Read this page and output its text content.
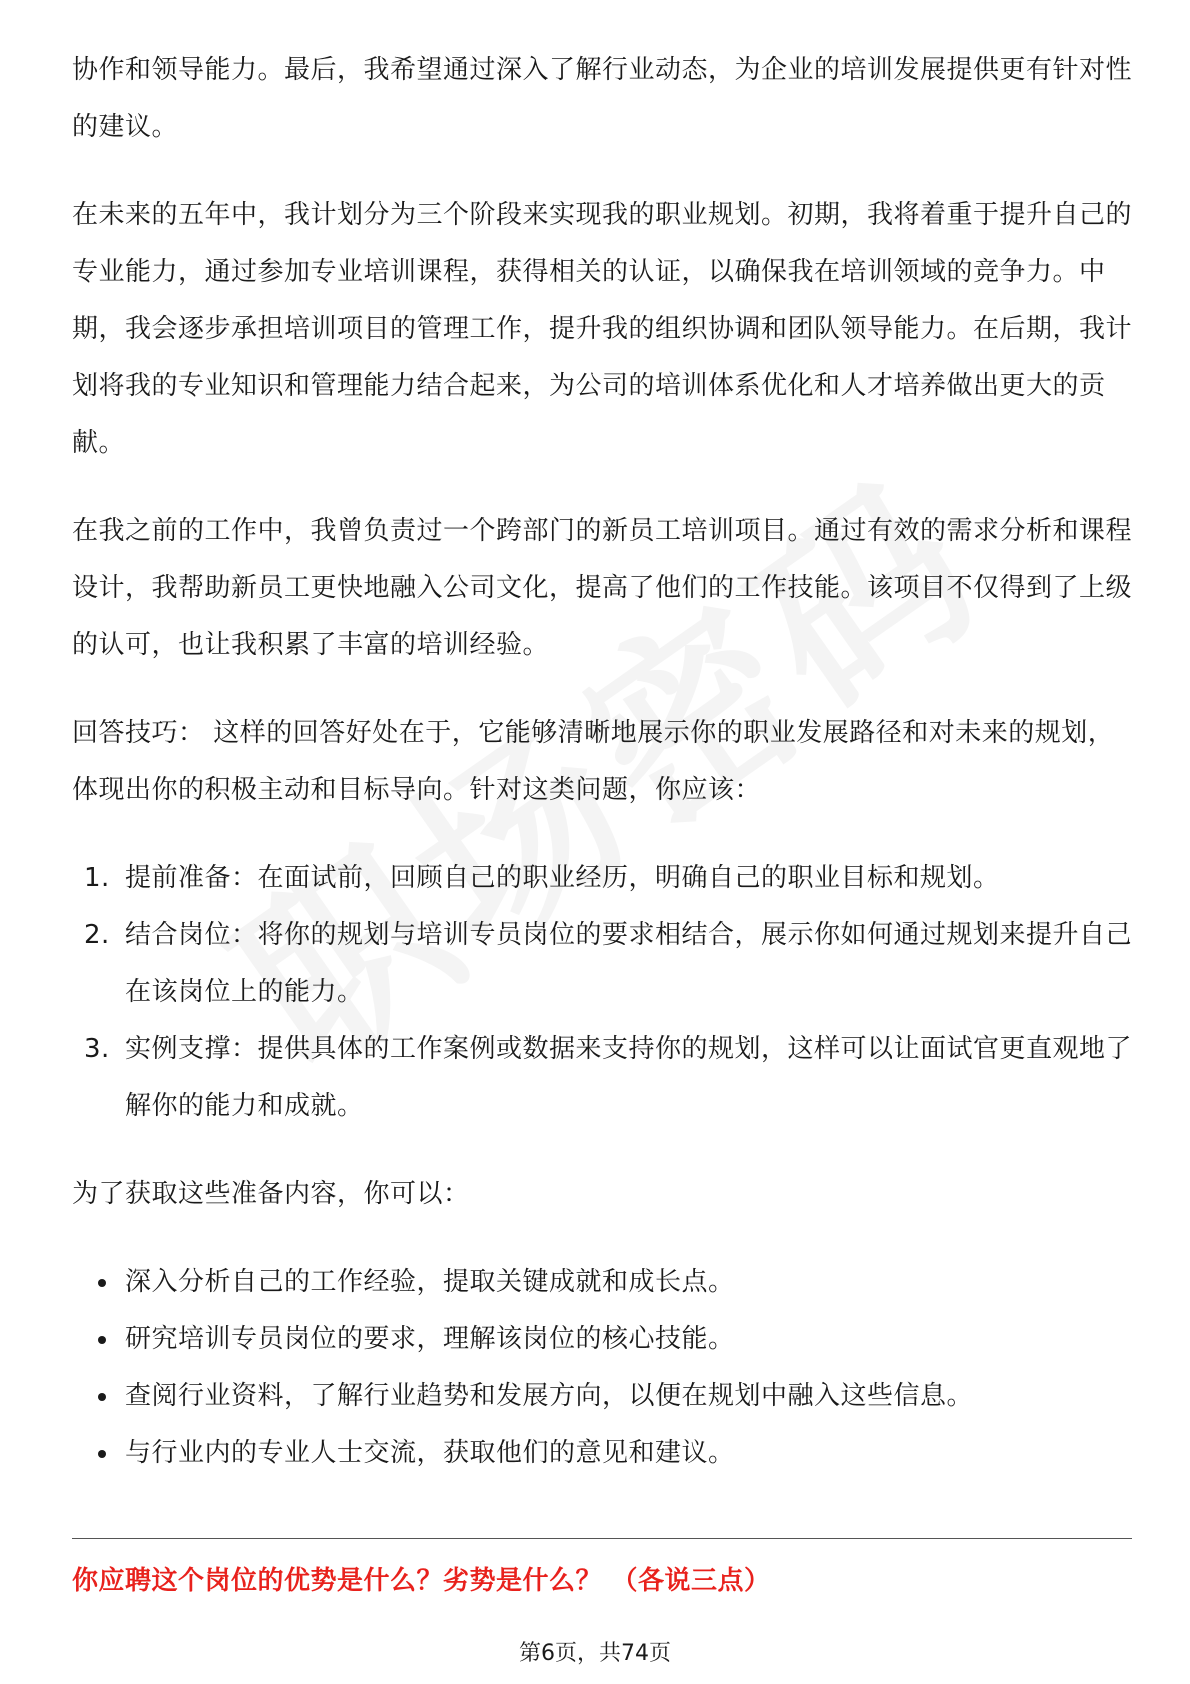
协作和领导能力。最后，我希望通过深入了解行业动态，为企业的培训发展提供更有针对性的建议。

在未来的五年中，我计划分为三个阶段来实现我的职业规划。初期，我将着重于提升自己的专业能力，通过参加专业培训课程，获得相关的认证，以确保我在培训领域的竞争力。中期，我会逐步承担培训项目的管理工作，提升我的组织协调和团队领导能力。在后期，我计划将我的专业知识和管理能力结合起来，为公司的培训体系优化和人才培养做出更大的贡献。

在我之前的工作中，我曾负责过一个跨部门的新员工培训项目。通过有效的需求分析和课程设计，我帮助新员工更快地融入公司文化，提高了他们的工作技能。该项目不仅得到了上级的认可，也让我积累了丰富的培训经验。

回答技巧： 这样的回答好处在于，它能够清晰地展示你的职业发展路径和对未来的规划，体现出你的积极主动和目标导向。针对这类问题，你应该：

1. 提前准备：在面试前，回顾自己的职业经历，明确自己的职业目标和规划。
2. 结合岗位：将你的规划与培训专员岗位的要求相结合，展示你如何通过规划来提升自己在该岗位上的能力。
3. 实例支撑：提供具体的工作案例或数据来支持你的规划，这样可以让面试官更直观地了解你的能力和成就。

为了获取这些准备内容，你可以：

深入分析自己的工作经验，提取关键成就和成长点。
研究培训专员岗位的要求，理解该岗位的核心技能。
查阅行业资料，了解行业趋势和发展方向，以便在规划中融入这些信息。
与行业内的专业人士交流，获取他们的意见和建议。
你应聘这个岗位的优势是什么？劣势是什么？ （各说三点）
第6页，共74页
